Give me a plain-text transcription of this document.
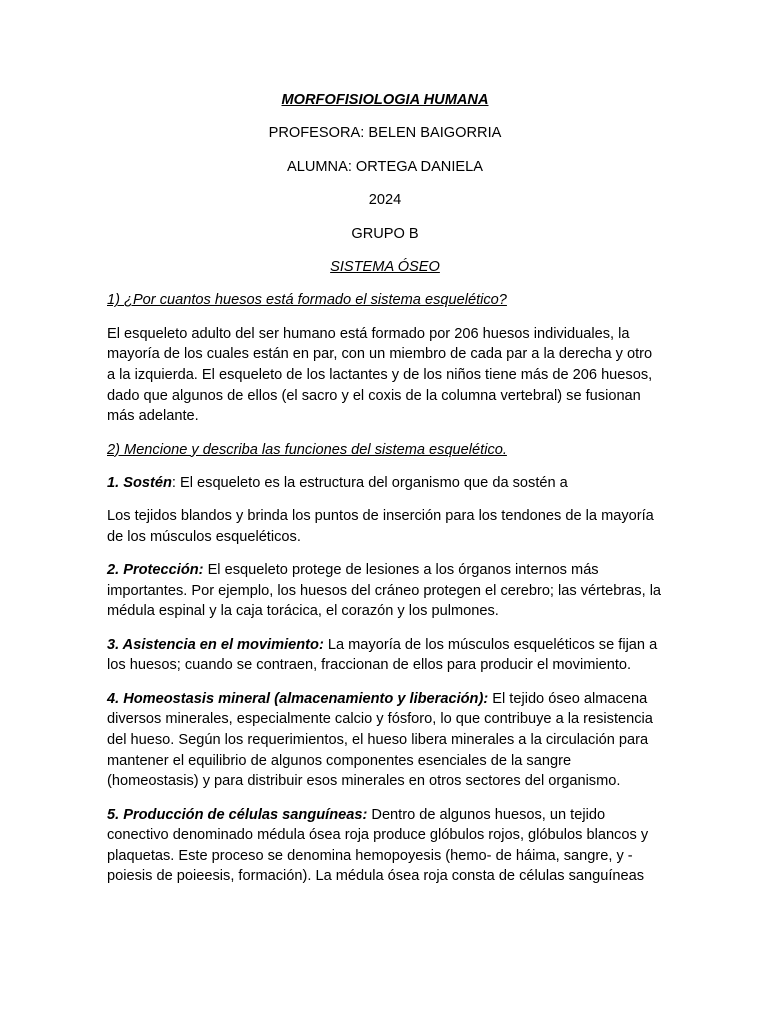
MORFOFISIOLOGIA HUMANA
PROFESORA: BELEN BAIGORRIA
ALUMNA: ORTEGA DANIELA
2024
GRUPO B
SISTEMA ÓSEO
1) ¿Por cuantos huesos está formado el sistema esquelético?

El esqueleto adulto del ser humano está formado por 206 huesos individuales, la mayoría de los cuales están en par, con un miembro de cada par a la derecha y otro a la izquierda. El esqueleto de los lactantes y de los niños tiene más de 206 huesos, dado que algunos de ellos (el sacro y el coxis de la columna vertebral) se fusionan más adelante.

2) Mencione y describa las funciones del sistema esquelético.

1. Sostén: El esqueleto es la estructura del organismo que da sostén a

Los tejidos blandos y brinda los puntos de inserción para los tendones de la mayoría de los músculos esqueléticos.

2. Protección: El esqueleto protege de lesiones a los órganos internos más importantes. Por ejemplo, los huesos del cráneo protegen el cerebro; las vértebras, la médula espinal y la caja torácica, el corazón y los pulmones.

3. Asistencia en el movimiento: La mayoría de los músculos esqueléticos se fijan a los huesos; cuando se contraen, fraccionan de ellos para producir el movimiento.

4. Homeostasis mineral (almacenamiento y liberación): El tejido óseo almacena diversos minerales, especialmente calcio y fósforo, lo que contribuye a la resistencia del hueso. Según los requerimientos, el hueso libera minerales a la circulación para mantener el equilibrio de algunos componentes esenciales de la sangre (homeostasis) y para distribuir esos minerales en otros sectores del organismo.

5. Producción de células sanguíneas: Dentro de algunos huesos, un tejido conectivo denominado médula ósea roja produce glóbulos rojos, glóbulos blancos y plaquetas. Este proceso se denomina hemopoyesis (hemo- de háima, sangre, y -poiesis de poieesis, formación). La médula ósea roja consta de células sanguíneas
